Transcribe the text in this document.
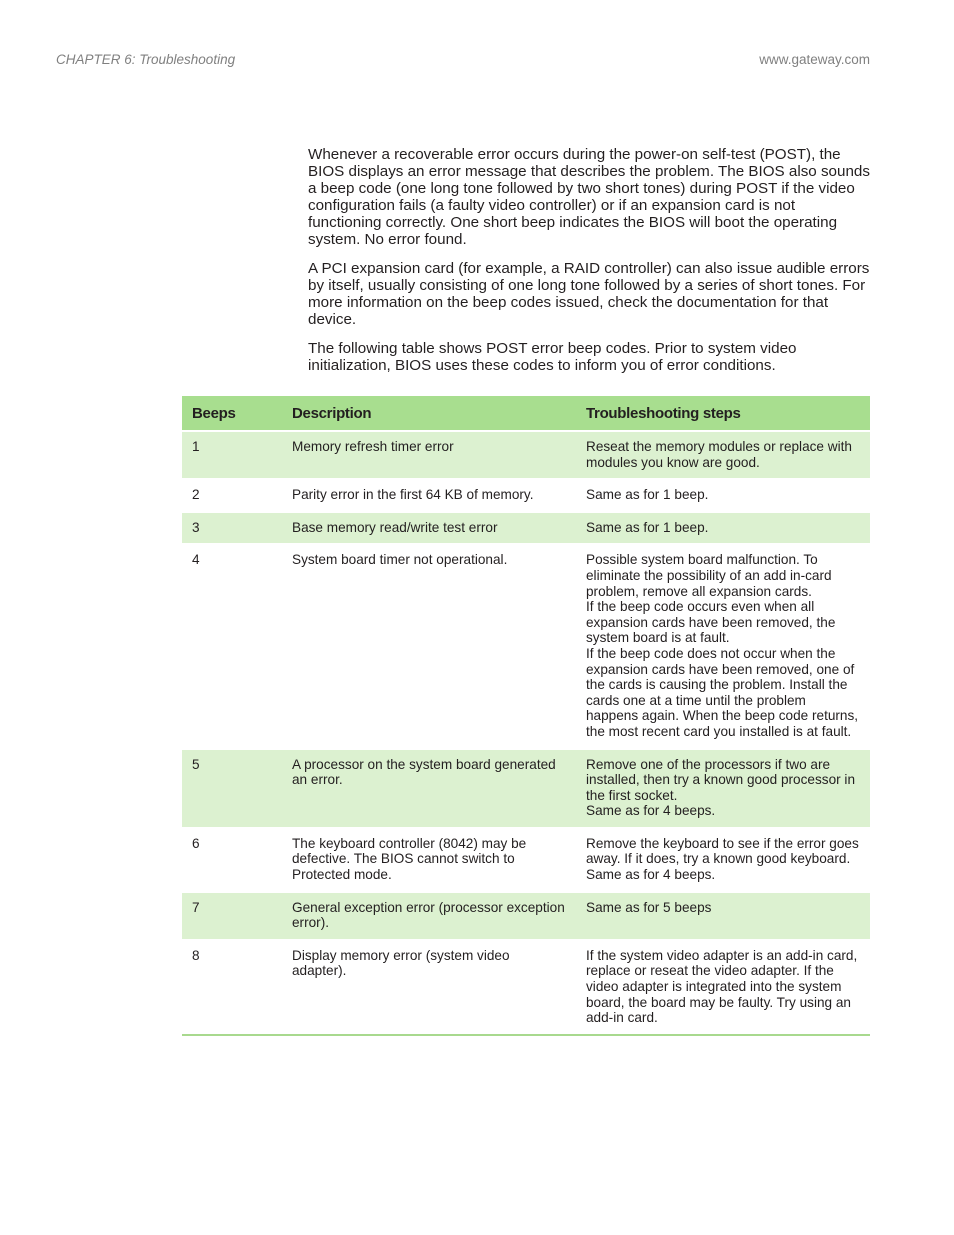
CHAPTER 6: Troubleshooting	www.gateway.com

Whenever a recoverable error occurs during the power-on self-test (POST), the BIOS displays an error message that describes the problem. The BIOS also sounds a beep code (one long tone followed by two short tones) during POST if the video configuration fails (a faulty video controller) or if an expansion card is not functioning correctly. One short beep indicates the BIOS will boot the operating system. No error found.

A PCI expansion card (for example, a RAID controller) can also issue audible errors by itself, usually consisting of one long tone followed by a series of short tones. For more information on the beep codes issued, check the documentation for that device.

The following table shows POST error beep codes. Prior to system video initialization, BIOS uses these codes to inform you of error conditions.

Beeps	Description	Troubleshooting steps
1	Memory refresh timer error	Reseat the memory modules or replace with modules you know are good.

2	Parity error in the first 64 KB of memory.	Same as for 1 beep.

3	Base memory read/write test error	Same as for 1 beep.

4	System board timer not operational.	Possible system board malfunction. To eliminate the possibility of an add in-card problem, remove all expansion cards.
If the beep code occurs even when all expansion cards have been removed, the system board is at fault.
If the beep code does not occur when the expansion cards have been removed, one of the cards is causing the problem. Install the cards one at a time until the problem happens again. When the beep code returns, the most recent card you installed is at fault.

5	A processor on the system board generated an error.	Remove one of the processors if two are installed, then try a known good processor in the first socket.
Same as for 4 beeps.

6	The keyboard controller (8042) may be defective. The BIOS cannot switch to Protected mode.	Remove the keyboard to see if the error goes away. If it does, try a known good keyboard.
Same as for 4 beeps.

7	General exception error (processor exception error).	Same as for 5 beeps

8	Display memory error (system video adapter).	If the system video adapter is an add-in card, replace or reseat the video adapter. If the video adapter is integrated into the system board, the board may be faulty. Try using an add-in card.
